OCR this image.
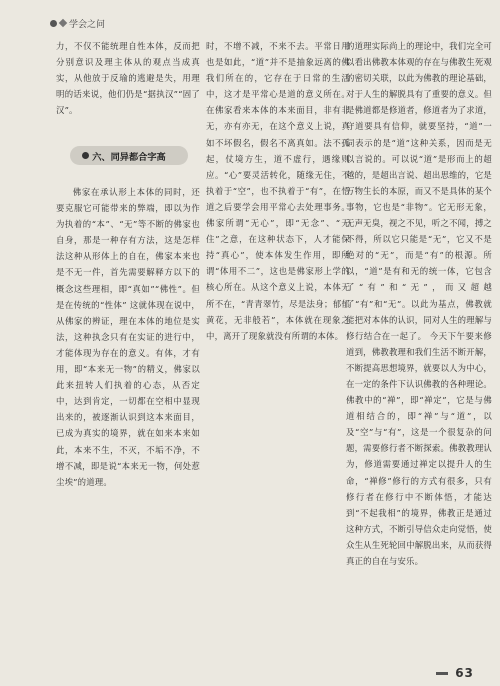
学会之问

力，不仅不能统理自性本体，反而把分别意识及理主体从的观点当成真实，从他放于反瑜的逃避是失，用理明的话来说，他们仍是“据执汉”“固了汉”。

六、同异都合字高

佛家在承认形上本体的同时，还要克服它可能带来的弊端，即以为作为执着的“本”、“无”等不断的佛家也自身，那是一种存有方法，这是怎样法这种从形体上的自在，佛家本来也是不无一件，首先需要解释方以下的概念这些理相，即“真如”“佛性”。但是在传统的“性体” 这就体现在说中，从佛家的辨证，理在本体的地位是实法，这种执念只有在实证的进行中，才能体现为存在的意义。有体，才有用，即“本来无一物”的精义，佛家以此来扭转人们执着的心态，从否定中，达到肯定，一切都在空相中显现出来的，被逐渐认识到这本来面目，已成为真实的境界，就在如来本来如此，本来不生，不灭，不垢不净，不增不减，即是说“本来无一物，何处惹尘埃”的道理。

时，不增不减，不来不去。平常日用也是如此，“道”并不是抽象远离的佛我们所在的，它存在于日常的生活中，这才是平常心是道的意义所在。在佛家看来本体的本来面目，非有非无，亦有亦无，在这个意义上说，真如不坏假名，假名不离真如。法不孤起，仗境方生，道不虚行，遇缘则应。“心”要灵活转化，随缘无住，不执着于“空”，也不执着于“有”，在悟道之后要学会用平常心去处理事务。佛家所谓“无心”，即“无念”、“无住”之意，在这种状态下，人才能保持“真心”，使本体发生作用，即所谓“体用不二”，这也是佛家形上学的核心所在。从这个意义上说，本体无所不在，“青青翠竹，尽是法身；郁郁黄花，无非般若”，本体就在现象之中，离开了现象就没有所谓的本体。

的道理实际尚上的理论中，我们完全可以看出佛教本体观的存在与佛教生死观的密切关联，以此为佛教的理论基础，对于人生的解脱具有了重要的意义。但是佛道都是修道者，修道者为了求道，守道要具有信仰，就要坚持，“道”一词表示的是“道”这种关系，因而是无以言说的。可以说“道”是形而上的超越的，是超出言说、超出思维的，它是万物生长的本原，而又不是具体的某个事物，它也是“非物”。它无形无象，无声无臭，视之不见，听之不闻，搏之不得，所以它只能是“无”，它又不是绝对的“无”，而是“有”的根源。所以，“道”是有和无的统一体，它包含了“有”和“无”，而又超越了“有”和“无”。以此为基点，佛教就能把对本体的认识，同对人生的理解与修行结合在一起了。 今天下午要来修道到，佛教教理和我们生活不断开解，不断提高思想境界，就要以人为中心，在一定的条件下认识佛教的各种理论。佛教中的“禅”，即“禅定”，它是与佛道相结合的，即“禅”与“道”，以及“空”与“有”，这是一个很复杂的问题，需要修行者不断探索。佛教教理认为，修道需要通过禅定以提升人的生命，“禅修”修行的方式有很多，只有修行者在修行中不断体悟，才能达到“不起我相”的境界，佛教正是通过这种方式，不断引导信众走向觉悟，使众生从生死轮回中解脱出来，从而获得真正的自在与安乐。

63
